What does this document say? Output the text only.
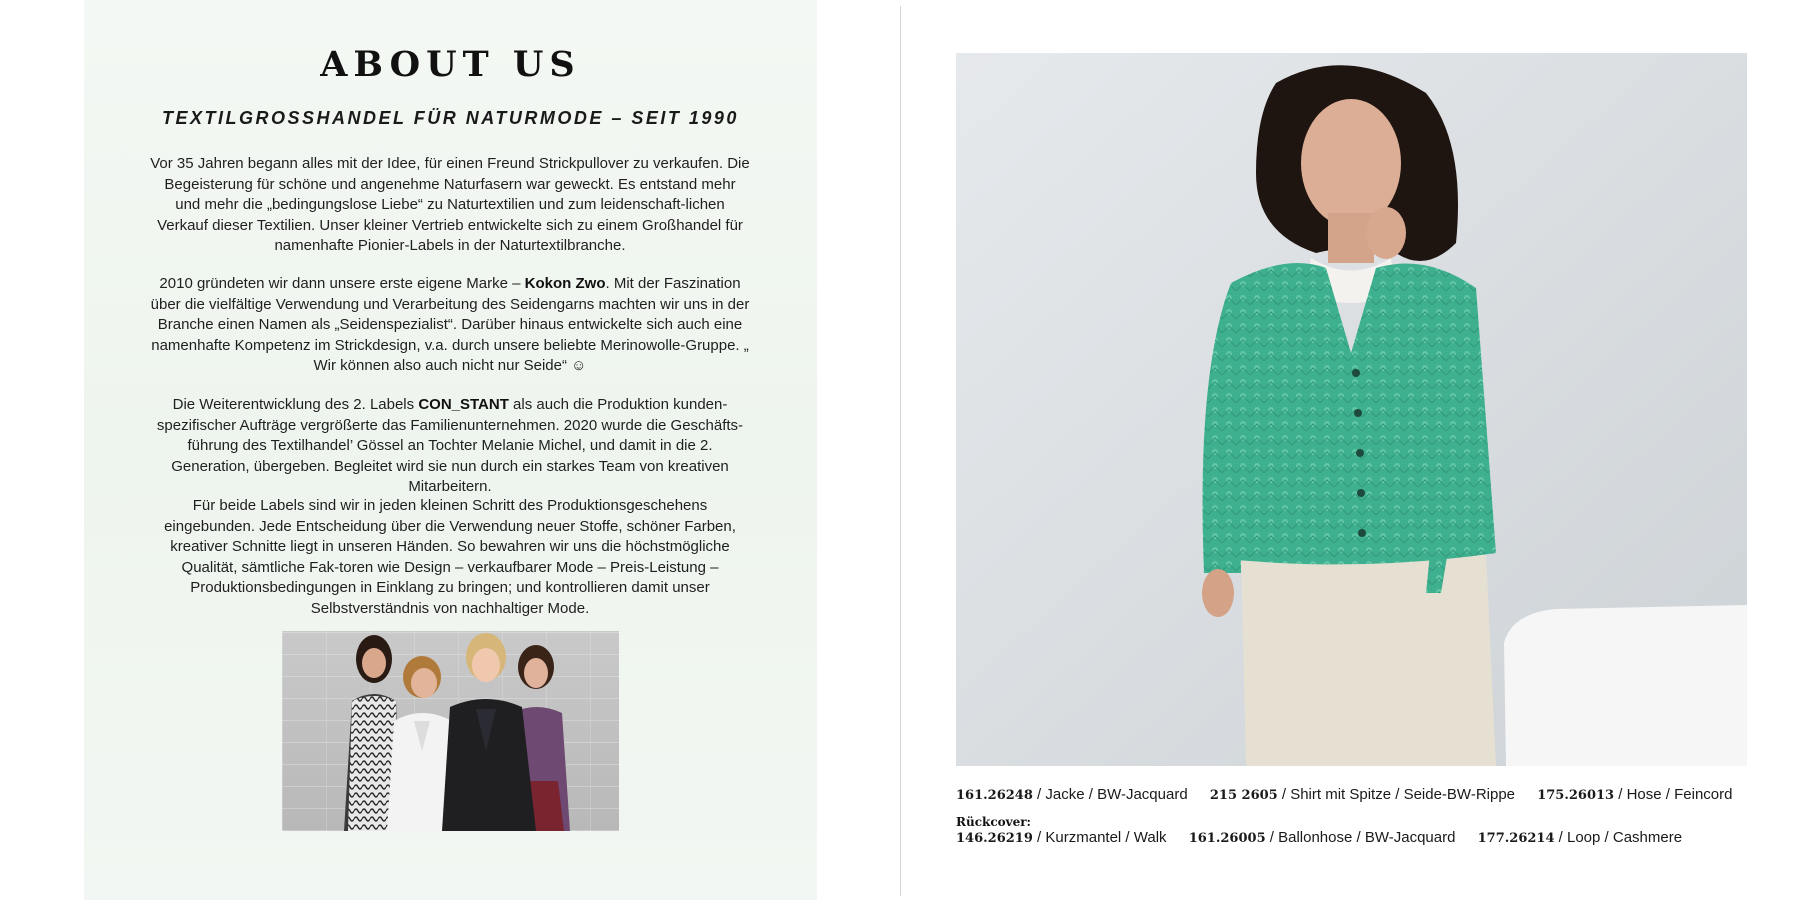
ABOUT US
TEXTILGROSSHANDEL FÜR NATURMODE – SEIT 1990

Vor 35 Jahren begann alles mit der Idee, für einen Freund Strickpullover zu verkaufen. Die Begeisterung für schöne und angenehme Naturfasern war geweckt. Es entstand mehr und mehr die „bedingungslose Liebe“ zu Naturtextilien und zum leidenschaft-lichen Verkauf dieser Textilien. Unser kleiner Vertrieb entwickelte sich zu einem Großhandel für namenhafte Pionier-Labels in der Naturtextilbranche.

2010 gründeten wir dann unsere erste eigene Marke – Kokon Zwo. Mit der Faszination über die vielfältige Verwendung und Verarbeitung des Seidengarns machten wir uns in der Branche einen Namen als „Seidenspezialist“. Darüber hinaus entwickelte sich auch eine namenhafte Kompetenz im Strickdesign, v.a. durch unsere beliebte Merinowolle-Gruppe. „ Wir können also auch nicht nur Seide“ ☺

Die Weiterentwicklung des 2. Labels CON_STANT als auch die Produktion kunden-spezifischer Aufträge vergrößerte das Familienunternehmen. 2020 wurde die Geschäfts-führung des Textilhandel’ Gössel an Tochter Melanie Michel, und damit in die 2. Generation, übergeben. Begleitet wird sie nun durch ein starkes Team von kreativen Mitarbeitern.

Für beide Labels sind wir in jeden kleinen Schritt des Produktionsgeschehens eingebunden. Jede Entscheidung über die Verwendung neuer Stoffe, schöner Farben, kreativer Schnitte liegt in unseren Händen. So bewahren wir uns die höchstmögliche Qualität, sämtliche Fak-toren wie Design – verkaufbarer Mode – Preis-Leistung – Produktionsbedingungen in Einklang zu bringen; und kontrollieren damit unser Selbstverständnis von nachhaltiger Mode.

161.26248 / Jacke / BW-Jacquard 215 2605 / Shirt mit Spitze / Seide-BW-Rippe 175.26013 / Hose / Feincord
Rückcover:
146.26219 / Kurzmantel / Walk 161.26005 / Ballonhose / BW-Jacquard 177.26214 / Loop / Cashmere
